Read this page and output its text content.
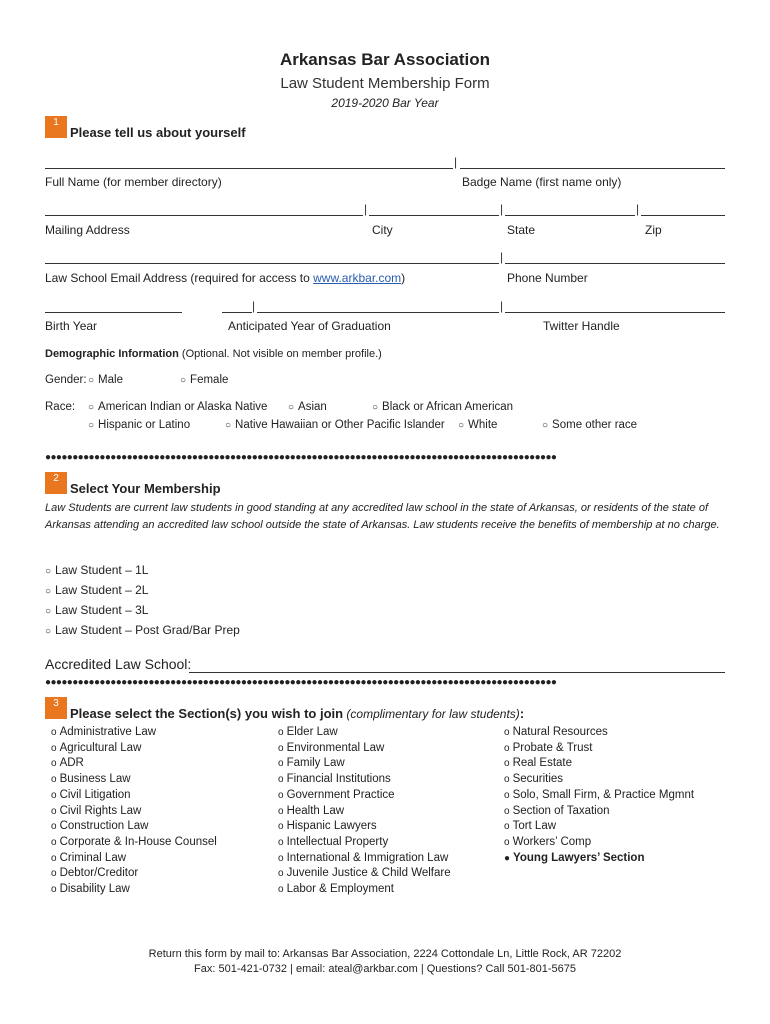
Arkansas Bar Association
Law Student Membership Form
2019-2020 Bar Year
1
Please tell us about yourself
|
Full Name (for member directory)	Badge Name (first name only)
|	|	|
Mailing Address	City	State	Zip
|
Law School Email Address (required for access to www.arkbar.com)	Phone Number
|	|
Birth Year	Anticipated Year of Graduation	Twitter Handle
Demographic Information (Optional. Not visible on member profile.)
Gender: ○ Male	○ Female
Race: ○ American Indian or Alaska Native ○ Asian	○ Black or African American
○ Hispanic or Latino	○ Native Hawaiian or Other Pacific Islander ○ White	○ Some other race
●●●●●●●●●●●●●●●●●●●●●●●●●●●●●●●●●●●●●●●●●●●●●●●●●●●●●●●●●●●●●●●●●●●●●●●●●●●●●●●●●●●●●●●●●●●●●●
2
Select Your Membership
Law Students are current law students in good standing at any accredited law school in the state of Arkansas, or residents of the state of Arkansas attending an accredited law school outside the state of Arkansas. Law students receive the benefits of membership at no charge.
○ Law Student – 1L
○ Law Student – 2L
○ Law Student – 3L
○ Law Student – Post Grad/Bar Prep
Accredited Law School:
●●●●●●●●●●●●●●●●●●●●●●●●●●●●●●●●●●●●●●●●●●●●●●●●●●●●●●●●●●●●●●●●●●●●●●●●●●●●●●●●●●●●●●●●●●●●●●
3
Please select the Section(s) you wish to join (complimentary for law students):
o Administrative Law
o Agricultural Law
o ADR
o Business Law
o Civil Litigation
o Civil Rights Law
o Construction Law
o Corporate & In-House Counsel
o Criminal Law
o Debtor/Creditor
o Disability Law
o Elder Law
o Environmental Law
o Family Law
o Financial Institutions
o Government Practice
o Health Law
o Hispanic Lawyers
o Intellectual Property
o International & Immigration Law
o Juvenile Justice & Child Welfare
o Labor & Employment
o Natural Resources
o Probate & Trust
o Real Estate
o Securities
o Solo, Small Firm, & Practice Mgmnt
o Section of Taxation
o Tort Law
o Workers’ Comp
● Young Lawyers’ Section
Return this form by mail to: Arkansas Bar Association, 2224 Cottondale Ln, Little Rock, AR 72202
Fax: 501-421-0732 | email: ateal@arkbar.com | Questions? Call 501-801-5675
